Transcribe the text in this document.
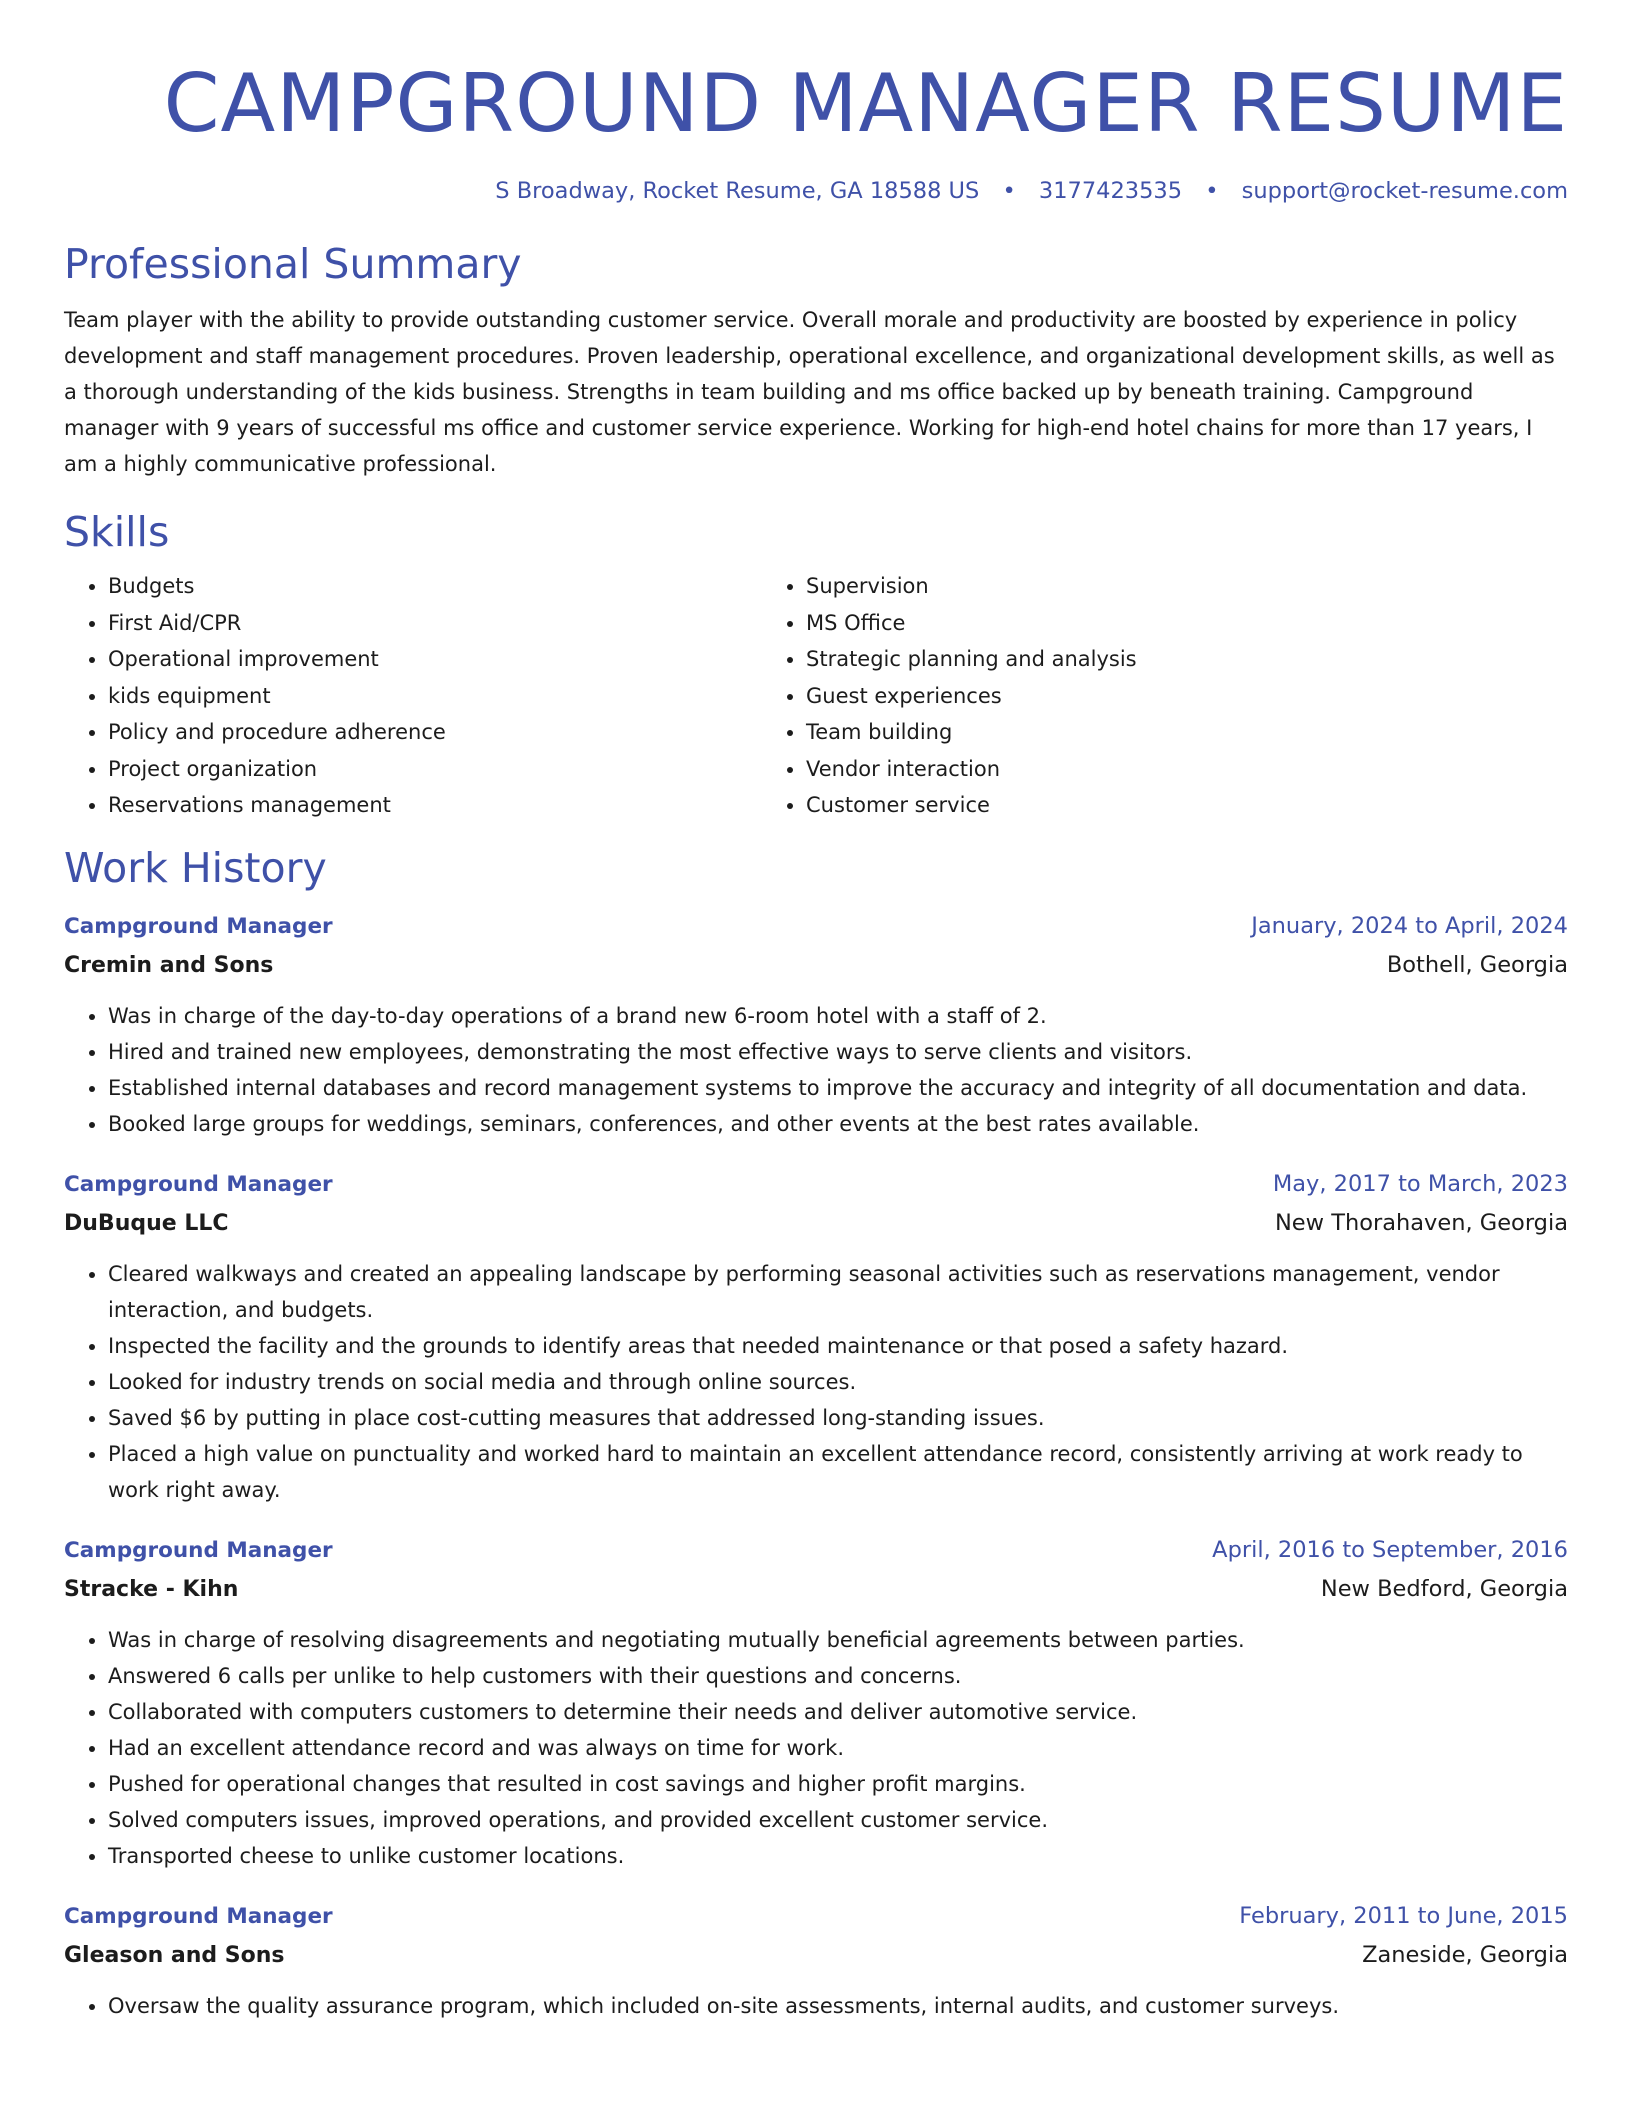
CAMPGROUND MANAGER RESUME
S Broadway, Rocket Resume, GA 18588 US • 3177423535 • support@rocket-resume.com
Professional Summary

Team player with the ability to provide outstanding customer service. Overall morale and productivity are boosted by experience in policy development and staff management procedures. Proven leadership, operational excellence, and organizational development skills, as well as a thorough understanding of the kids business. Strengths in team building and ms office backed up by beneath training. Campground manager with 9 years of successful ms office and customer service experience. Working for high-end hotel chains for more than 17 years, I am a highly communicative professional.

Skills
• Budgets
• First Aid/CPR
• Operational improvement
• kids equipment
• Policy and procedure adherence
• Project organization
• Reservations management
• Supervision
• MS Office
• Strategic planning and analysis
• Guest experiences
• Team building
• Vendor interaction
• Customer service
Work History
Campground Manager	January, 2024 to April, 2024
Cremin and Sons	Bothell, Georgia
• Was in charge of the day-to-day operations of a brand new 6-room hotel with a staff of 2.
• Hired and trained new employees, demonstrating the most effective ways to serve clients and visitors.
• Established internal databases and record management systems to improve the accuracy and integrity of all documentation and data.
• Booked large groups for weddings, seminars, conferences, and other events at the best rates available.
Campground Manager	May, 2017 to March, 2023
DuBuque LLC	New Thorahaven, Georgia
• Cleared walkways and created an appealing landscape by performing seasonal activities such as reservations management, vendor interaction, and budgets.
• Inspected the facility and the grounds to identify areas that needed maintenance or that posed a safety hazard.
• Looked for industry trends on social media and through online sources.
• Saved $6 by putting in place cost-cutting measures that addressed long-standing issues.
• Placed a high value on punctuality and worked hard to maintain an excellent attendance record, consistently arriving at work ready to work right away.
Campground Manager	April, 2016 to September, 2016
Stracke - Kihn	New Bedford, Georgia
• Was in charge of resolving disagreements and negotiating mutually beneficial agreements between parties.
• Answered 6 calls per unlike to help customers with their questions and concerns.
• Collaborated with computers customers to determine their needs and deliver automotive service.
• Had an excellent attendance record and was always on time for work.
• Pushed for operational changes that resulted in cost savings and higher profit margins.
• Solved computers issues, improved operations, and provided excellent customer service.
• Transported cheese to unlike customer locations.
Campground Manager	February, 2011 to June, 2015
Gleason and Sons	Zaneside, Georgia
• Oversaw the quality assurance program, which included on-site assessments, internal audits, and customer surveys.
